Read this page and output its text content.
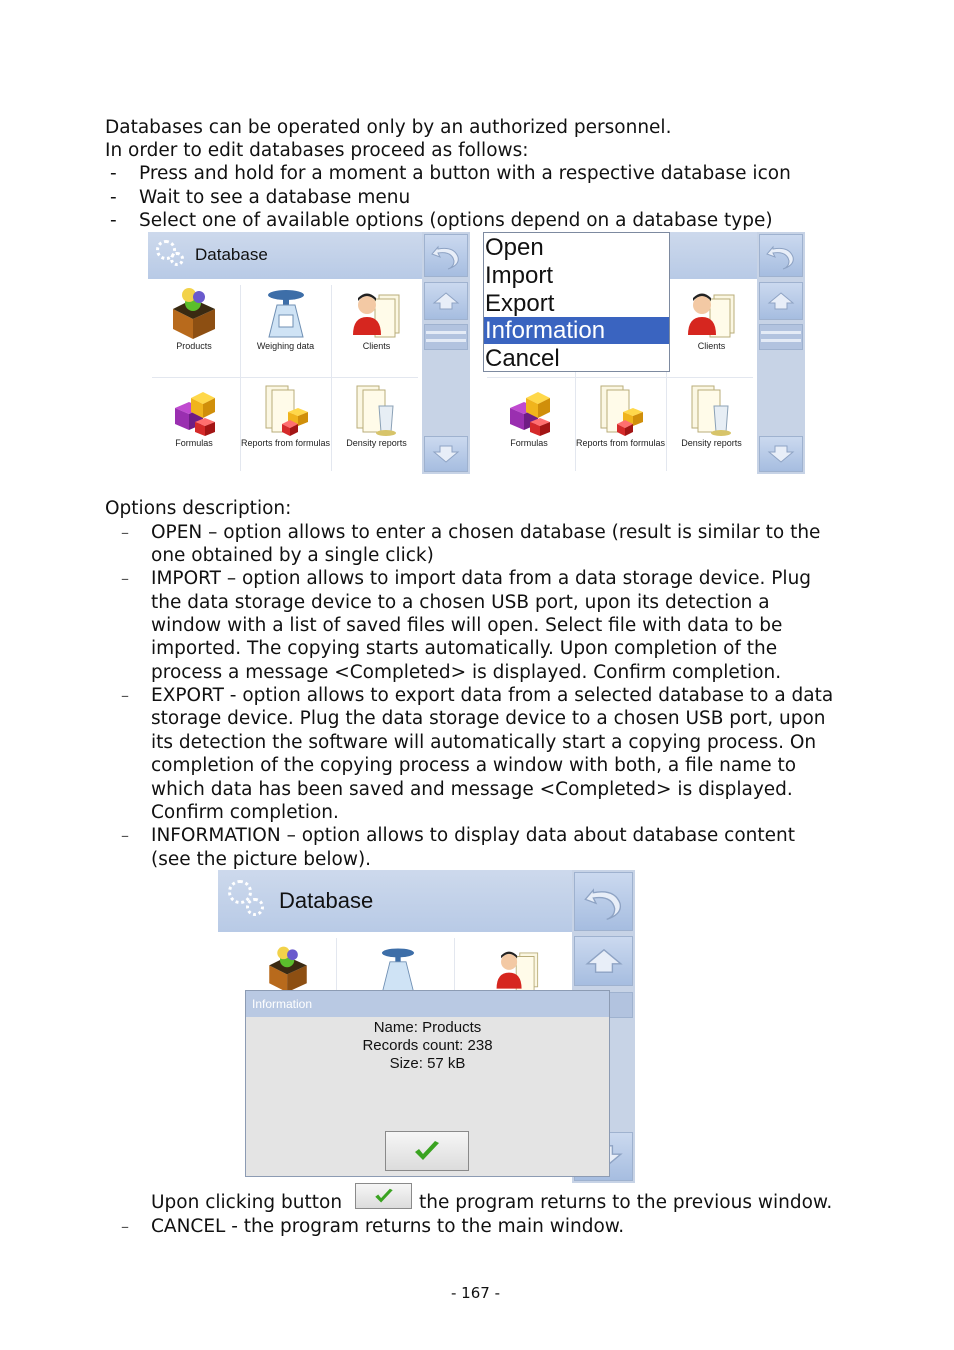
Databases can be operated only by an authorized personnel.
In order to edit databases proceed as follows:
- Press and hold for a moment a button with a respective database icon
- Wait to see a database menu
- Select one of available options (options depend on a database type)
Database
Products	Weighing data	Clients
Formulas	Reports from formulas Density reports
Clients
Formulas	Reports from formulas Density reports
Open
Import
Export
Information
Cancel
Options description:
– OPEN – option allows to enter a chosen database (result is similar to the
one obtained by a single click)
– IMPORT – option allows to import data from a data storage device. Plug
the data storage device to a chosen USB port, upon its detection a
window with a list of saved files will open. Select file with data to be
imported. The copying starts automatically. Upon completion of the
process a message <Completed> is displayed. Confirm completion.
– EXPORT - option allows to export data from a selected database to a data
storage device. Plug the data storage device to a chosen USB port, upon
its detection the software will automatically start a copying process. On
completion of the copying process a window with both, a file name to
which data has been saved and message <Completed> is displayed.
Confirm completion.
– INFORMATION – option allows to display data about database content
(see the picture below).
Database
Information
Name: Products
Records count: 238
Size: 57 kB
Upon clicking button	the program returns to the previous window.
– CANCEL - the program returns to the main window.
- 167 -
